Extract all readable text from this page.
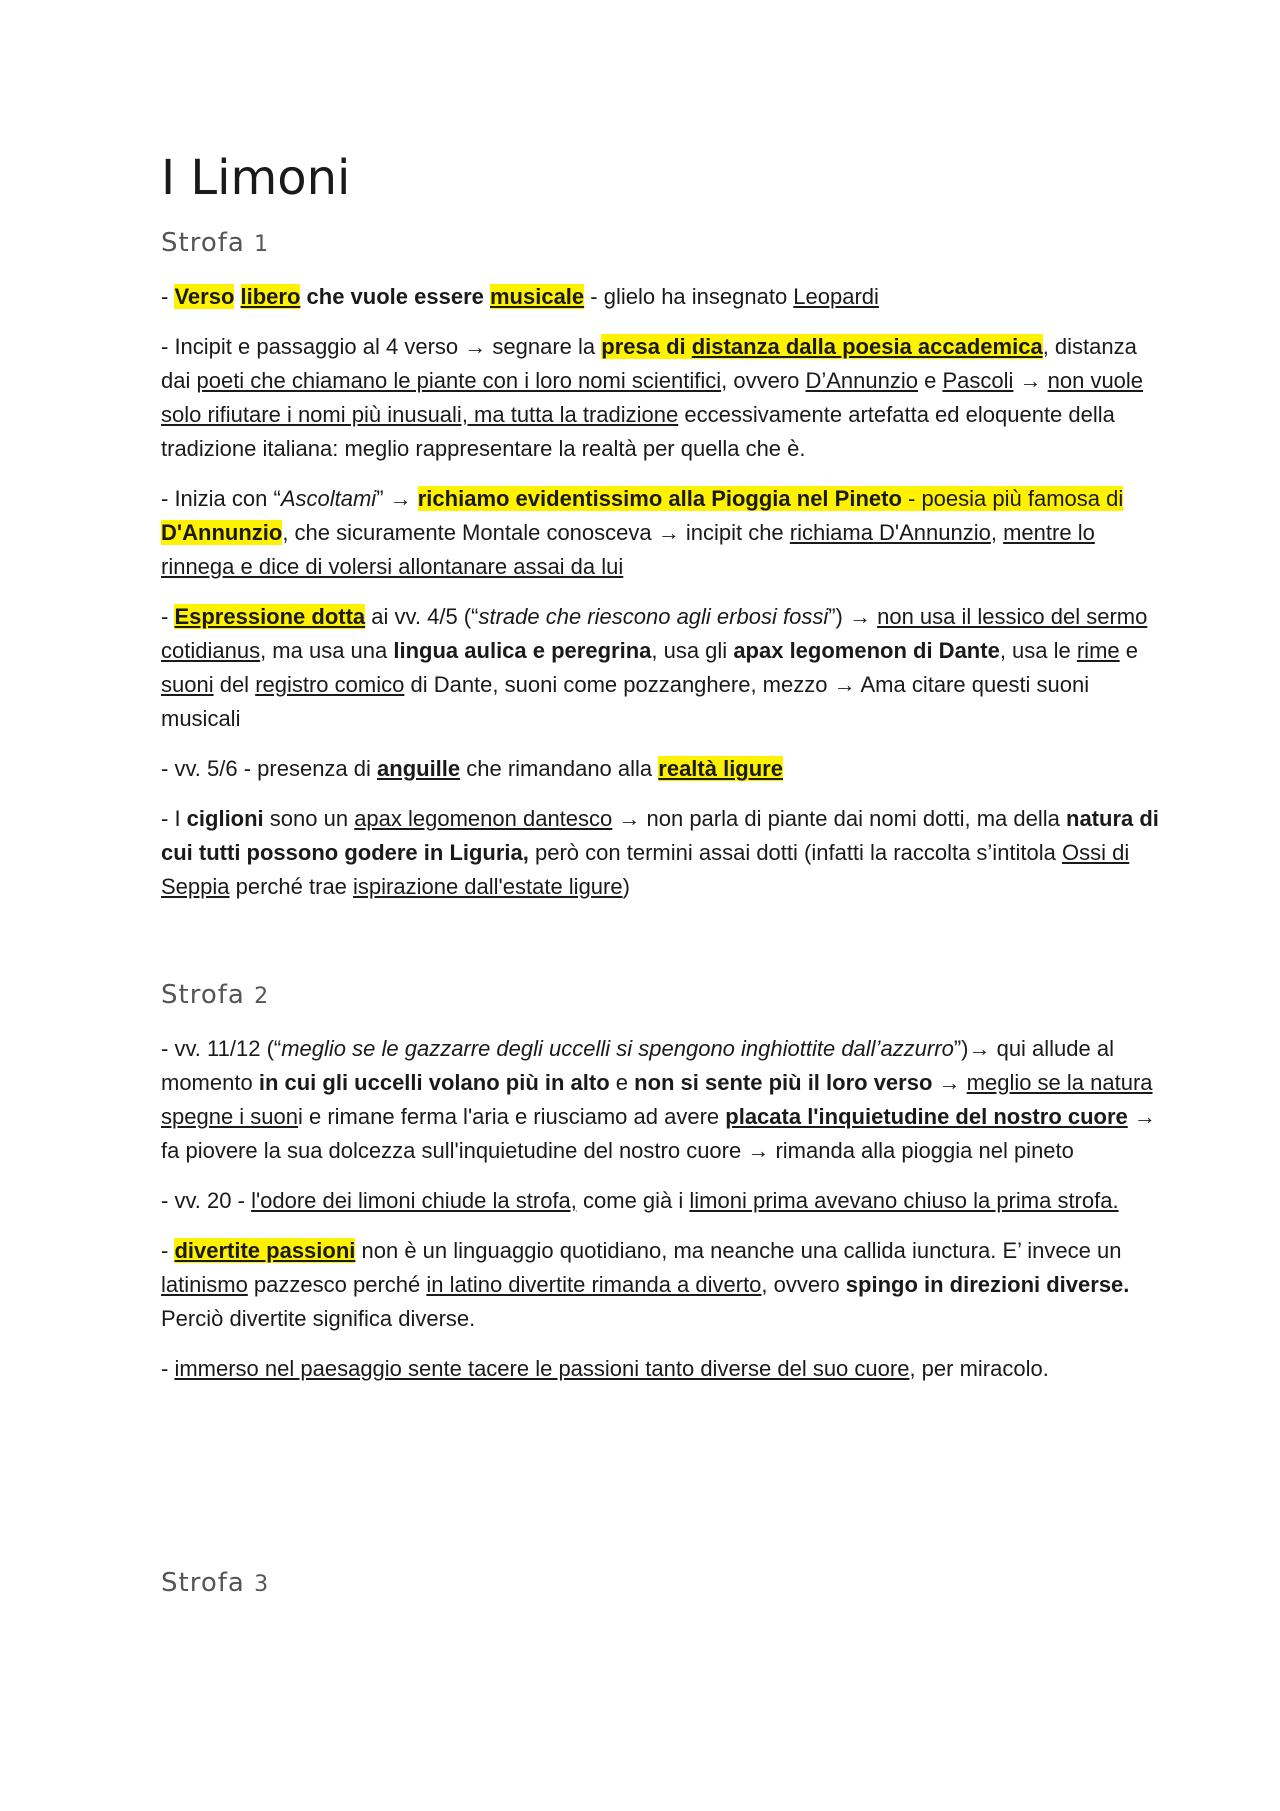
I Limoni
Strofa 1

- Verso libero che vuole essere musicale - glielo ha insegnato Leopardi

- Incipit e passaggio al 4 verso → segnare la presa di distanza dalla poesia accademica, distanza dai poeti che chiamano le piante con i loro nomi scientifici, ovvero D’Annunzio e Pascoli → non vuole solo rifiutare i nomi più inusuali, ma tutta la tradizione eccessivamente artefatta ed eloquente della tradizione italiana: meglio rappresentare la realtà per quella che è.

- Inizia con “Ascoltami” → richiamo evidentissimo alla Pioggia nel Pineto - poesia più famosa di D'Annunzio, che sicuramente Montale conosceva → incipit che richiama D'Annunzio, mentre lo rinnega e dice di volersi allontanare assai da lui

- Espressione dotta ai vv. 4/5 (“strade che riescono agli erbosi fossi”) → non usa il lessico del sermo cotidianus, ma usa una lingua aulica e peregrina, usa gli apax legomenon di Dante, usa le rime e suoni del registro comico di Dante, suoni come pozzanghere, mezzo → Ama citare questi suoni musicali

- vv. 5/6 - presenza di anguille che rimandano alla realtà ligure

- I ciglioni sono un apax legomenon dantesco → non parla di piante dai nomi dotti, ma della natura di cui tutti possono godere in Liguria, però con termini assai dotti (infatti la raccolta s’intitola Ossi di Seppia perché trae ispirazione dall'estate ligure)

Strofa 2

- vv. 11/12 (“meglio se le gazzarre degli uccelli si spengono inghiottite dall’azzurro”)→ qui allude al momento in cui gli uccelli volano più in alto e non si sente più il loro verso → meglio se la natura spegne i suoni e rimane ferma l'aria e riusciamo ad avere placata l'inquietudine del nostro cuore → fa piovere la sua dolcezza sull'inquietudine del nostro cuore → rimanda alla pioggia nel pineto

- vv. 20 - l'odore dei limoni chiude la strofa, come già i limoni prima avevano chiuso la prima strofa.

- divertite passioni non è un linguaggio quotidiano, ma neanche una callida iunctura. E’ invece un latinismo pazzesco perché in latino divertite rimanda a diverto, ovvero spingo in direzioni diverse. Perciò divertite significa diverse.

- immerso nel paesaggio sente tacere le passioni tanto diverse del suo cuore, per miracolo.

Strofa 3
